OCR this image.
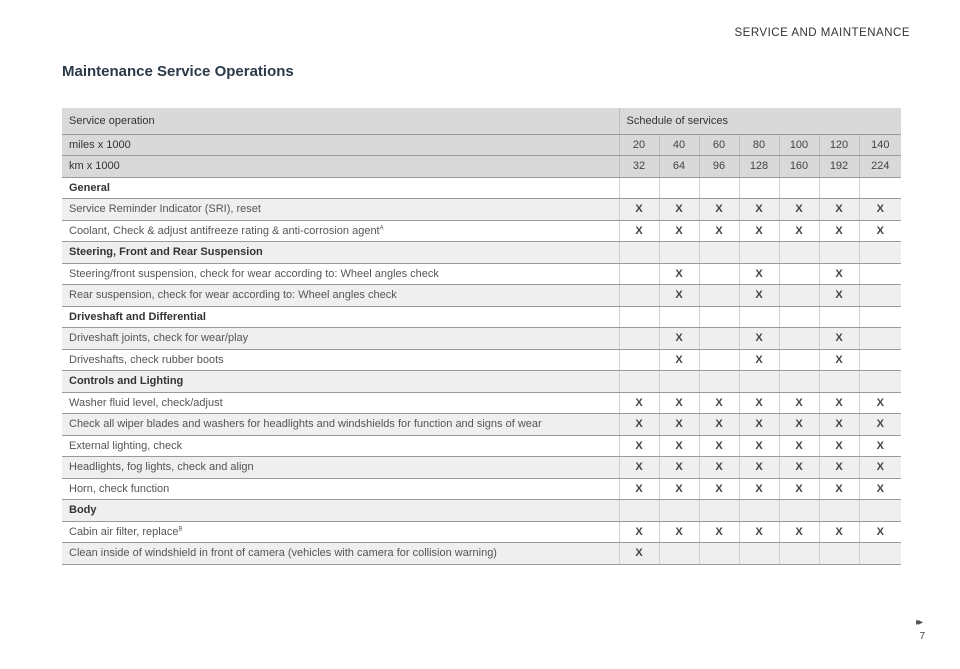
SERVICE AND MAINTENANCE
Maintenance Service Operations
Service operation	Schedule of services						
miles x 1000	20	40	60	80	100	120	140
km x 1000	32	64	96	128	160	192	224
General							
Service Reminder Indicator (SRI), reset	X	X	X	X	X	X	X
Coolant, Check & adjust antifreeze rating & anti-corrosion agent$^A$	X	X	X	X	X	X	X
Steering, Front and Rear Suspension							
Steering/front suspension, check for wear according to: Wheel angles check		X		X		X	
Rear suspension, check for wear according to: Wheel angles check		X		X		X	
Driveshaft and Differential							
Driveshaft joints, check for wear/play		X		X		X	
Driveshafts, check rubber boots		X		X		X	
Controls and Lighting							
Washer fluid level, check/adjust	X	X	X	X	X	X	X
Check all wiper blades and washers for headlights and windshields for function and signs of wear	X	X	X	X	X	X	X
External lighting, check	X	X	X	X	X	X	X
Headlights, fog lights, check and align	X	X	X	X	X	X	X
Horn, check function	X	X	X	X	X	X	X
Body							
Cabin air filter, replace$^B$	X	X	X	X	X	X	X
Clean inside of windshield in front of camera (vehicles with camera for collision warning)	X						
▸▸
7
